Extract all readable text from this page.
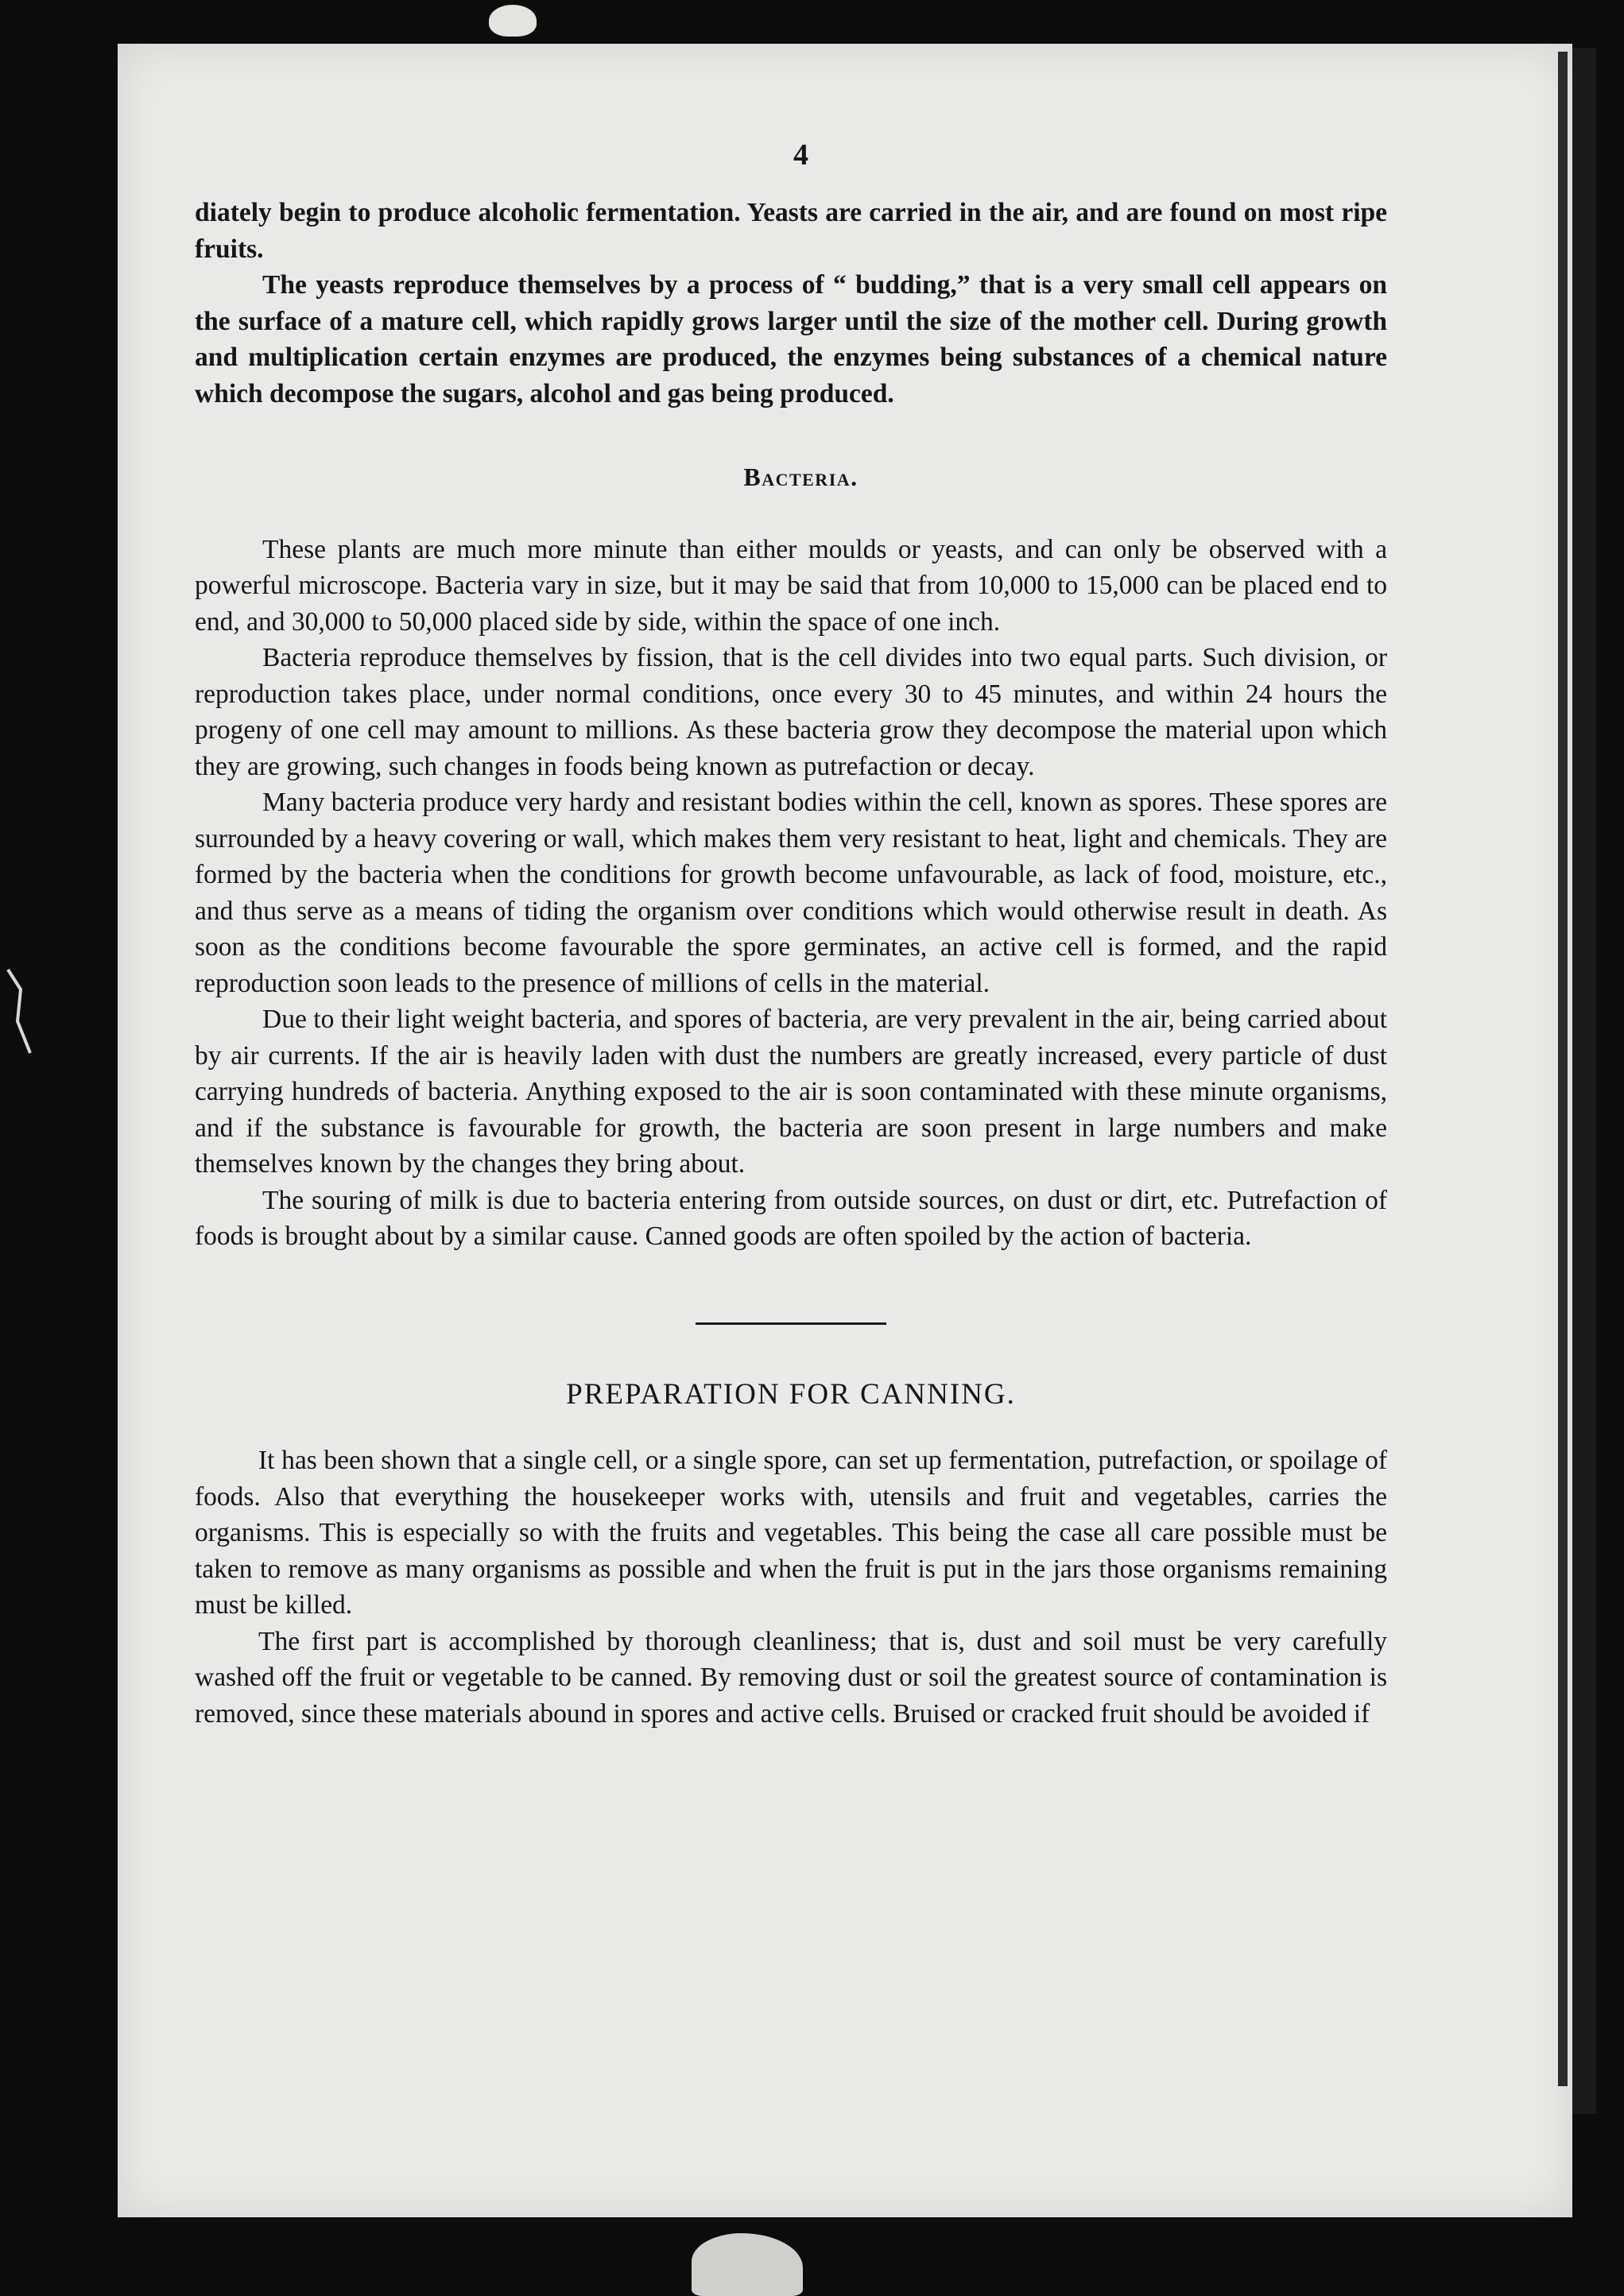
4

diately begin to produce alcoholic fermentation. Yeasts are carried in the air, and are found on most ripe fruits.

The yeasts reproduce themselves by a process of “ budding,” that is a very small cell appears on the surface of a mature cell, which rapidly grows larger until the size of the mother cell. During growth and multiplication certain enzymes are produced, the enzymes being substances of a chemical nature which decompose the sugars, alcohol and gas being produced.

Bacteria.

These plants are much more minute than either moulds or yeasts, and can only be observed with a powerful microscope. Bacteria vary in size, but it may be said that from 10,000 to 15,000 can be placed end to end, and 30,000 to 50,000 placed side by side, within the space of one inch.

Bacteria reproduce themselves by fission, that is the cell divides into two equal parts. Such division, or reproduction takes place, under normal conditions, once every 30 to 45 minutes, and within 24 hours the progeny of one cell may amount to millions. As these bacteria grow they decompose the material upon which they are growing, such changes in foods being known as putrefaction or decay.

Many bacteria produce very hardy and resistant bodies within the cell, known as spores. These spores are surrounded by a heavy covering or wall, which makes them very resistant to heat, light and chemicals. They are formed by the bacteria when the conditions for growth become unfavourable, as lack of food, moisture, etc., and thus serve as a means of tiding the organism over conditions which would otherwise result in death. As soon as the conditions become favourable the spore germinates, an active cell is formed, and the rapid reproduction soon leads to the presence of millions of cells in the material.

Due to their light weight bacteria, and spores of bacteria, are very prevalent in the air, being carried about by air currents. If the air is heavily laden with dust the numbers are greatly increased, every particle of dust carrying hundreds of bacteria. Anything exposed to the air is soon contaminated with these minute organisms, and if the substance is favourable for growth, the bacteria are soon present in large numbers and make themselves known by the changes they bring about.

The souring of milk is due to bacteria entering from outside sources, on dust or dirt, etc. Putrefaction of foods is brought about by a similar cause. Canned goods are often spoiled by the action of bacteria.

PREPARATION FOR CANNING.

It has been shown that a single cell, or a single spore, can set up fermentation, putrefaction, or spoilage of foods. Also that everything the housekeeper works with, utensils and fruit and vegetables, carries the organisms. This is especially so with the fruits and vegetables. This being the case all care possible must be taken to remove as many organisms as possible and when the fruit is put in the jars those organisms remaining must be killed.

The first part is accomplished by thorough cleanliness; that is, dust and soil must be very carefully washed off the fruit or vegetable to be canned. By removing dust or soil the greatest source of contamination is removed, since these materials abound in spores and active cells. Bruised or cracked fruit should be avoided if
